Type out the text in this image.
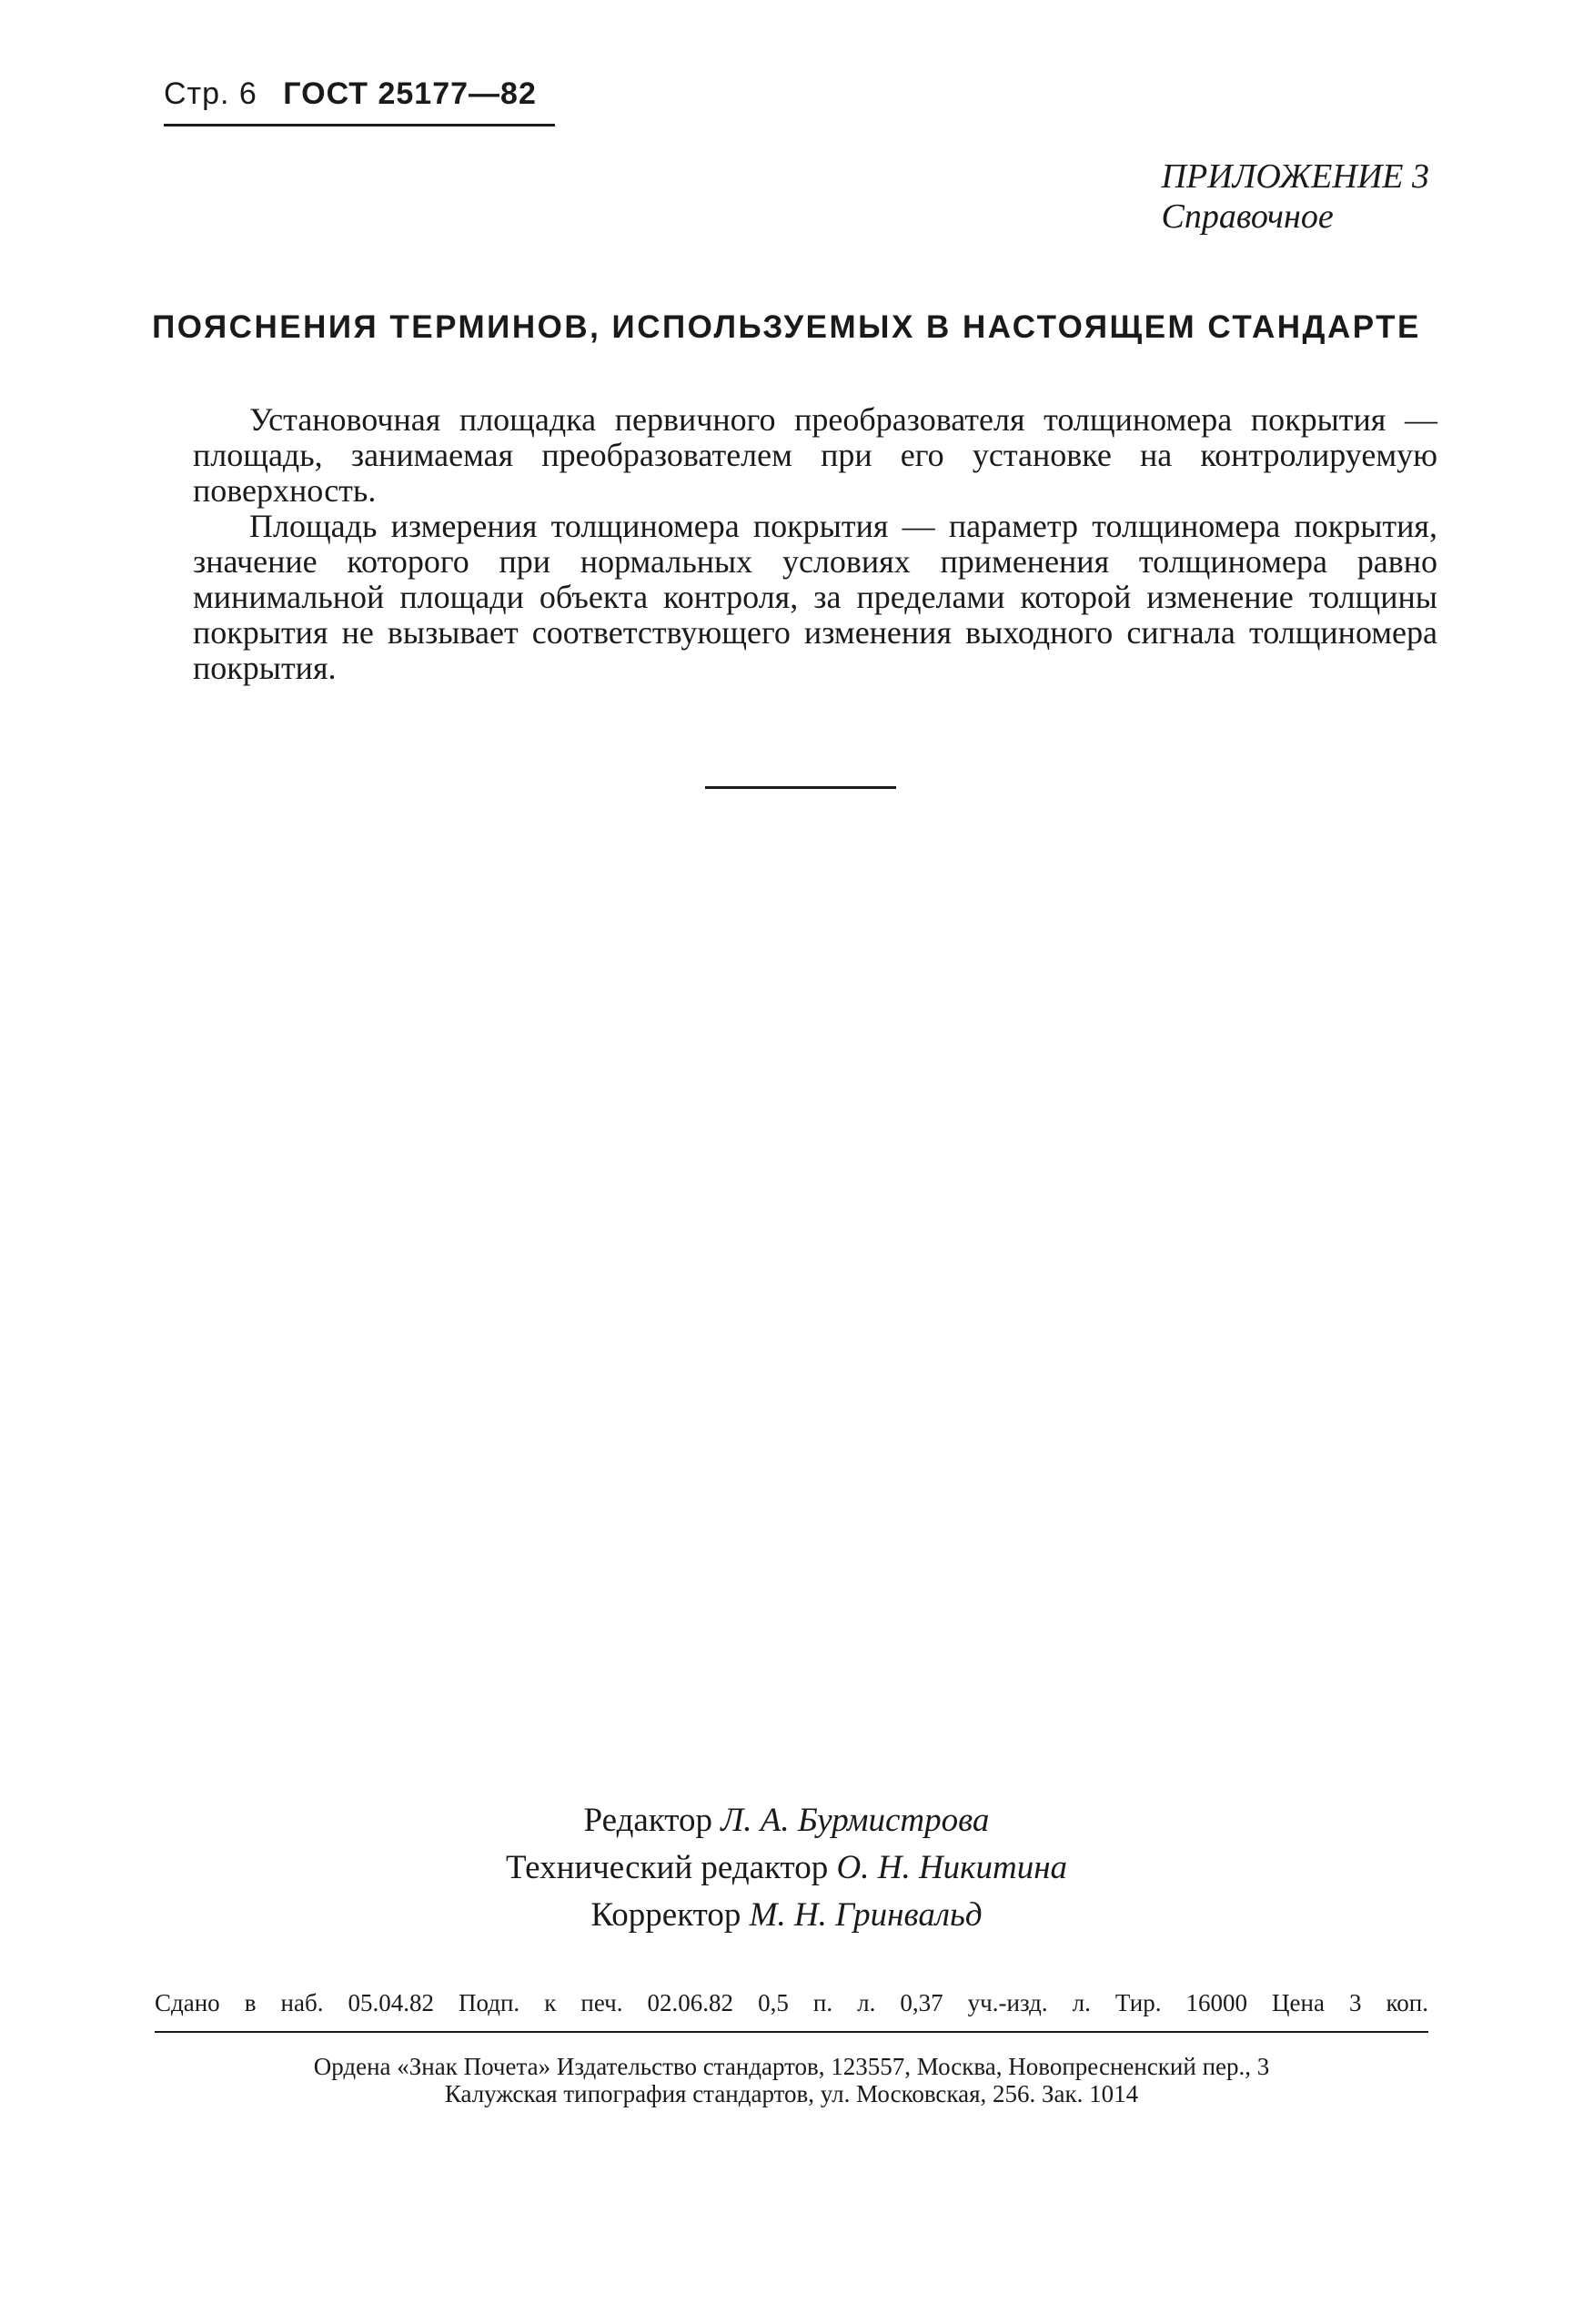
Стр. 6 ГОСТ 25177—82
ПРИЛОЖЕНИЕ 3
Справочное
ПОЯСНЕНИЯ ТЕРМИНОВ, ИСПОЛЬЗУЕМЫХ В НАСТОЯЩЕМ СТАНДАРТЕ

Установочная площадка первичного преобразователя толщиномера покрытия — площадь, занимаемая преобразователем при его установке на контролируемую поверхность.

Площадь измерения толщиномера покрытия — параметр толщиномера покрытия, значение которого при нормальных условиях применения толщиномера равно минимальной площади объекта контроля, за пределами которой изменение толщины покрытия не вызывает соответствующего изменения выходного сигнала толщиномера покрытия.

Редактор Л. А. Бурмистрова
Технический редактор О. Н. Никитина
Корректор М. Н. Гринвальд
Сдано в наб. 05.04.82 Подп. к печ. 02.06.82 0,5 п. л. 0,37 уч.-изд. л. Тир. 16000 Цена 3 коп.
Ордена «Знак Почета» Издательство стандартов, 123557, Москва, Новопресненский пер., 3
Калужская типография стандартов, ул. Московская, 256. Зак. 1014
